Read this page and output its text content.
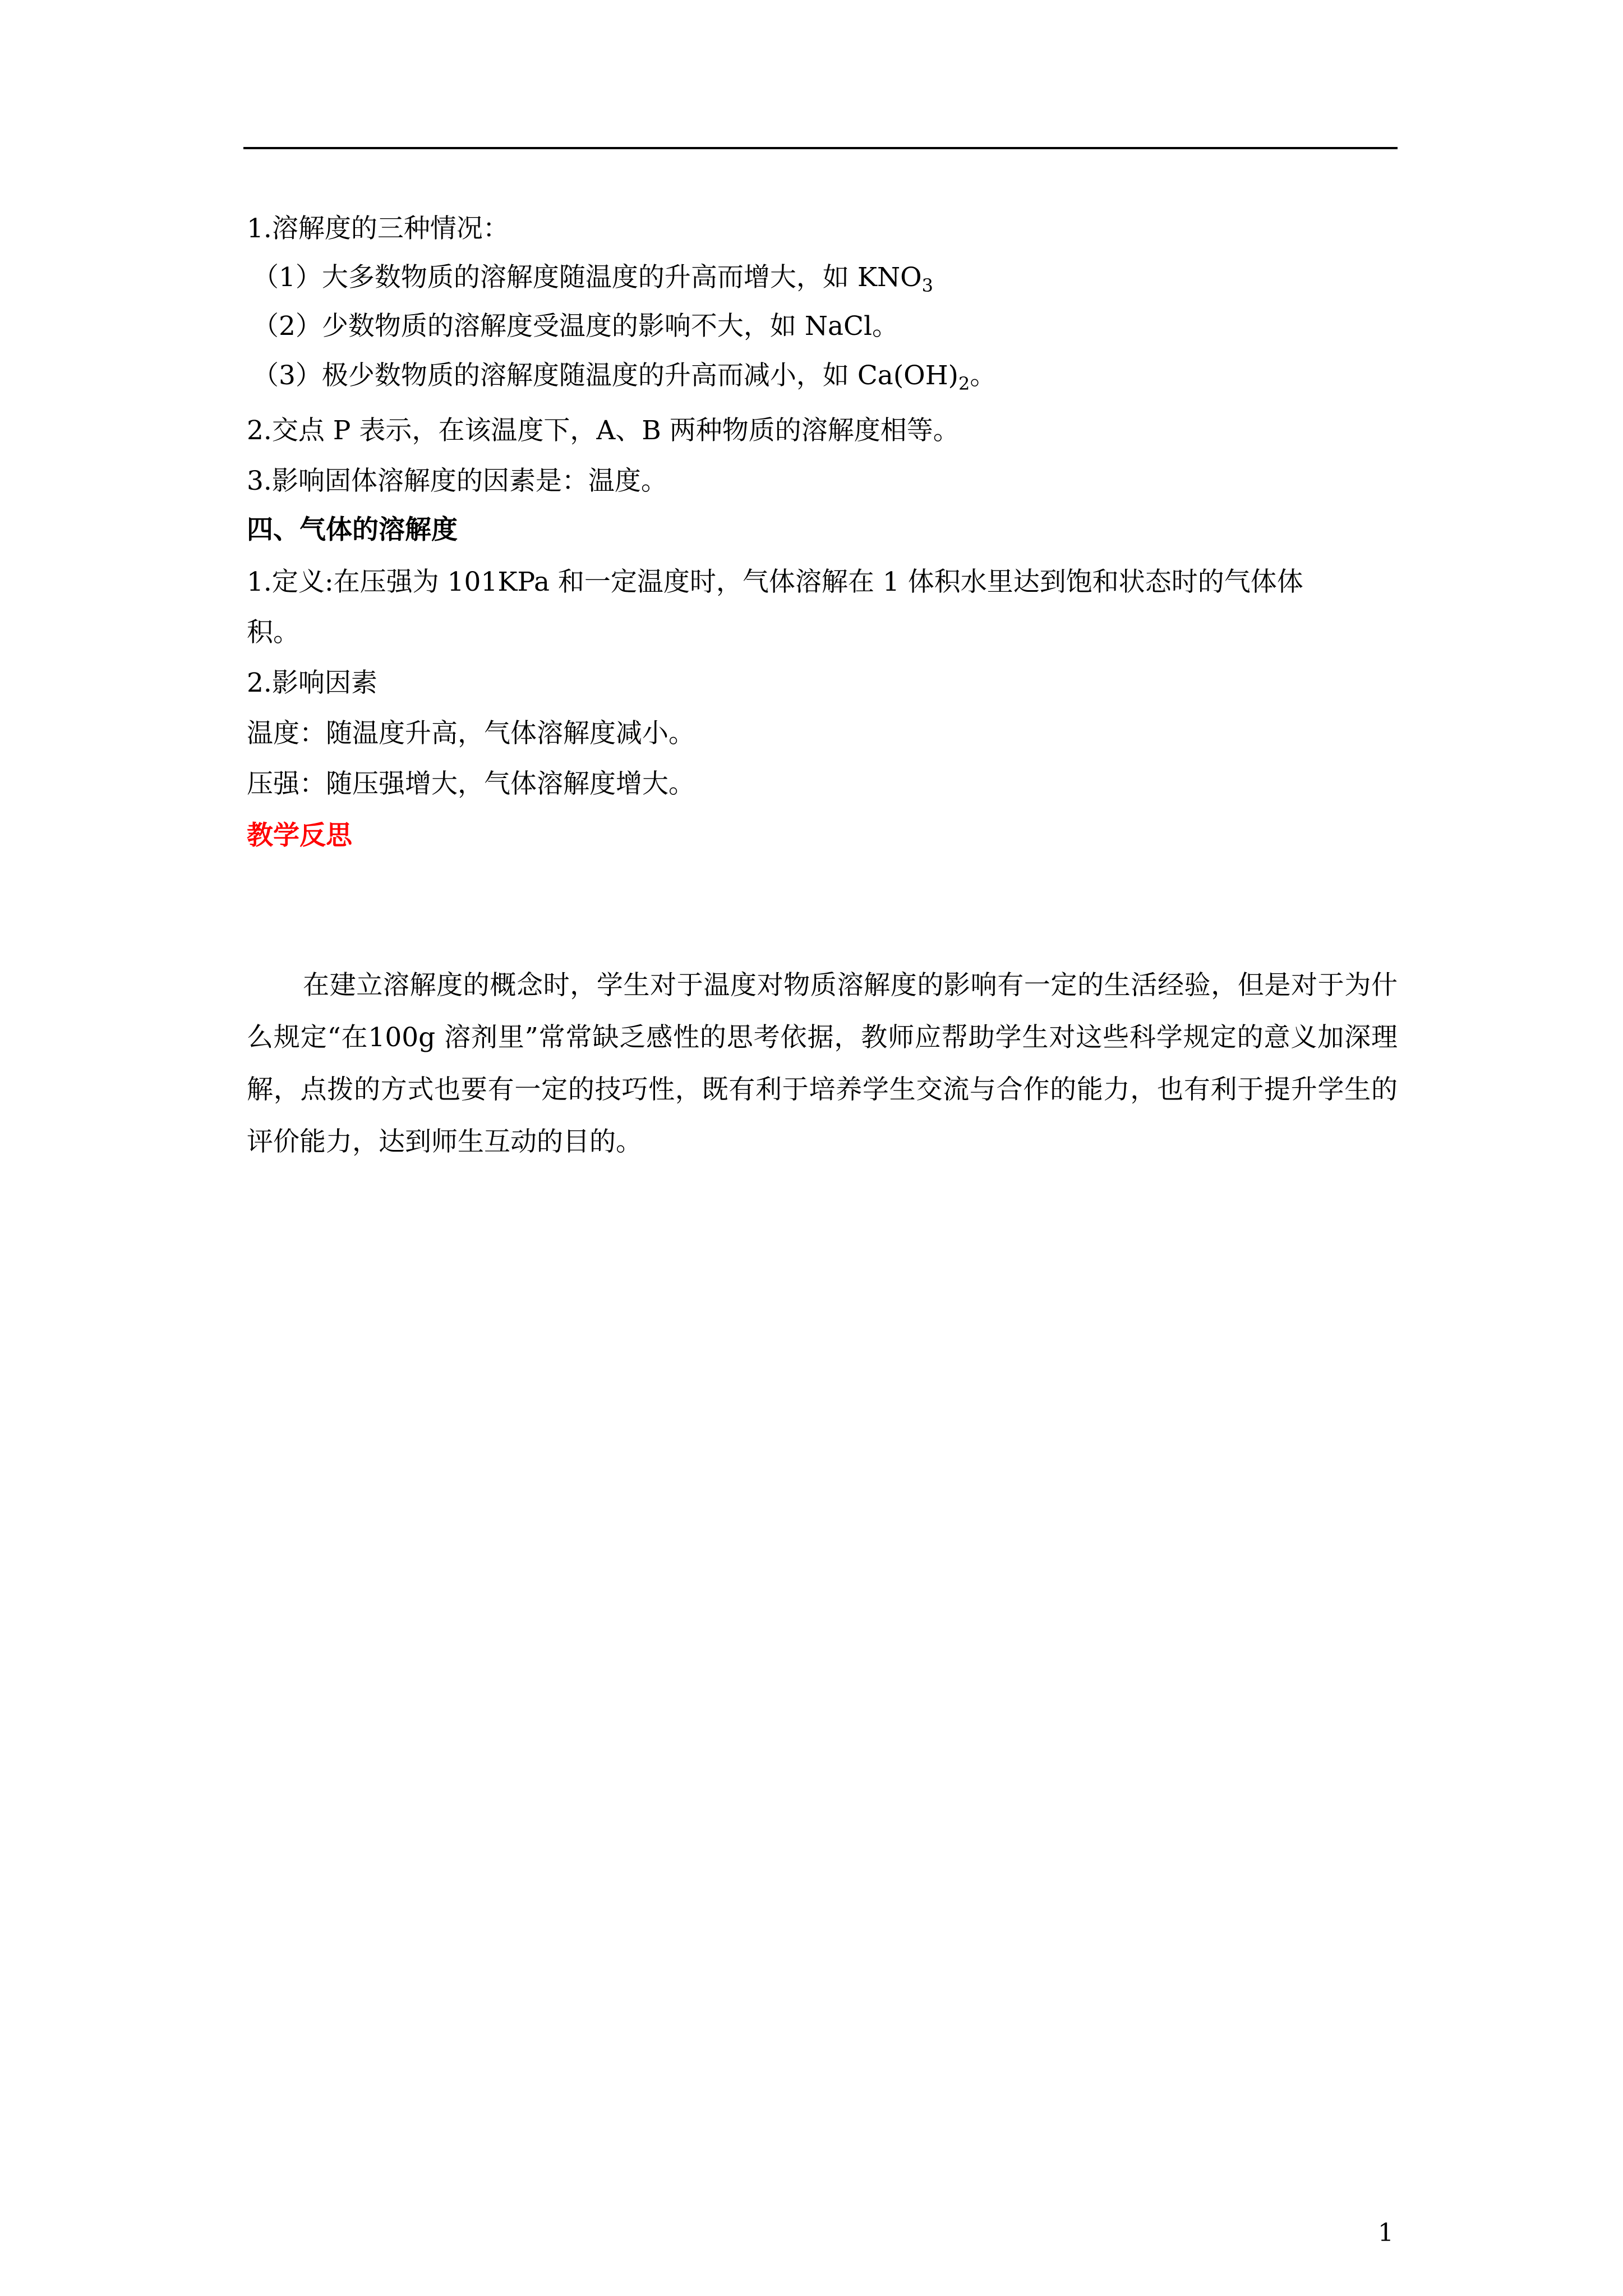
1.溶解度的三种情况：
（1）大多数物质的溶解度随温度的升高而增大，如 $KNO_3$
（2）少数物质的溶解度受温度的影响不大，如 NaCl。
（3）极少数物质的溶解度随温度的升高而减小，如 $Ca(OH)_2$。
2.交点 P 表示，在该温度下，A、B 两种物质的溶解度相等。
3.影响固体溶解度的因素是：温度。
四、气体的溶解度
1.定义:在压强为 101KPa 和一定温度时，气体溶解在 1 体积水里达到饱和状态时的气体体
积。
2.影响因素
温度：随温度升高，气体溶解度减小。
压强：随压强增大，气体溶解度增大。
教学反思
在建立溶解度的概念时，学生对于温度对物质溶解度的影响有一定的生活经验，但是对于为什么规定“在100g 溶剂里”常常缺乏感性的思考依据，教师应帮助学生对这些科学规定的意义加深理解，点拨的方式也要有一定的技巧性，既有利于培养学生交流与合作的能力，也有利于提升学生的评价能力，达到师生互动的目的。
1
